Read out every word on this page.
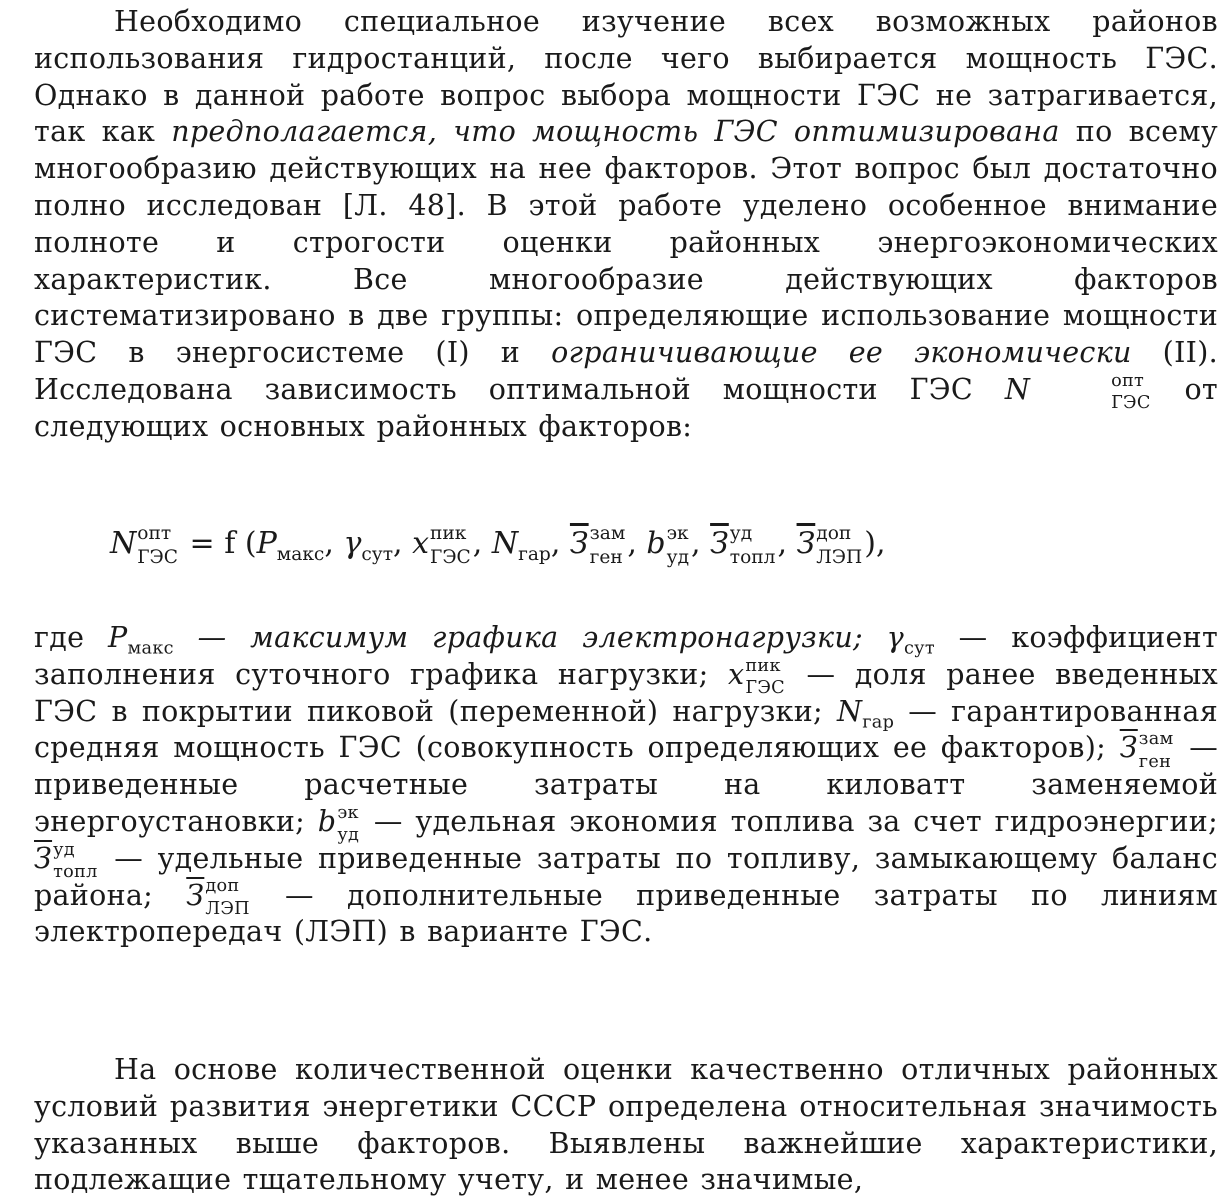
Необходимо специальное изучение всех возможных районов использования гидростанций, после чего выбирается мощность ГЭС. Однако в данной работе вопрос выбора мощности ГЭС не затрагивается, так как предполагается, что мощность ГЭС оптимизирована по всему многообразию действующих на нее факторов. Этот вопрос был достаточно полно исследован [Л. 48]. В этой работе уделено особенное внимание полноте и строгости оценки районных энергоэкономических характеристик. Все многообразие действующих факторов систематизировано в две группы: определяющие использование мощности ГЭС в энергосистеме (I) и ограничивающие ее экономически (II). Исследована зависимость оптимальной мощности ГЭС N	опт
ГЭС от следующих основных районных факторов:
N опт
ГЭС = f ($P_{макс}$, $\gamma_{сут}$, x пик
ГЭС , $N_{гар}$, З зам
ген , b эк
уд , З уд
топл , З доп
ЛЭП ),
где $P_{макс}$ — максимум графика электронагрузки; $\gamma_{сут}$ — коэффициент заполнения суточного графика нагрузки; x пик
ГЭС — доля ранее введенных ГЭС в покрытии пиковой (переменной) нагрузки; $N_{гар}$ — гарантированная средняя мощность ГЭС (совокупность определяющих ее факторов); З зам
ген — приведенные расчетные затраты на киловатт заменяемой энергоустановки; b эк
уд — удельная экономия топлива за счет гидроэнергии; З уд
топл — удельные приведенные затраты по топливу, замыкающему баланс района; З доп
ЛЭП — дополнительные приведенные затраты по линиям электропередач (ЛЭП) в варианте ГЭС.
На основе количественной оценки качественно отличных районных условий развития энергетики СССР определена относительная значимость указанных выше факторов. Выявлены важнейшие характеристики, подлежащие тщательному учету, и менее значимые,
